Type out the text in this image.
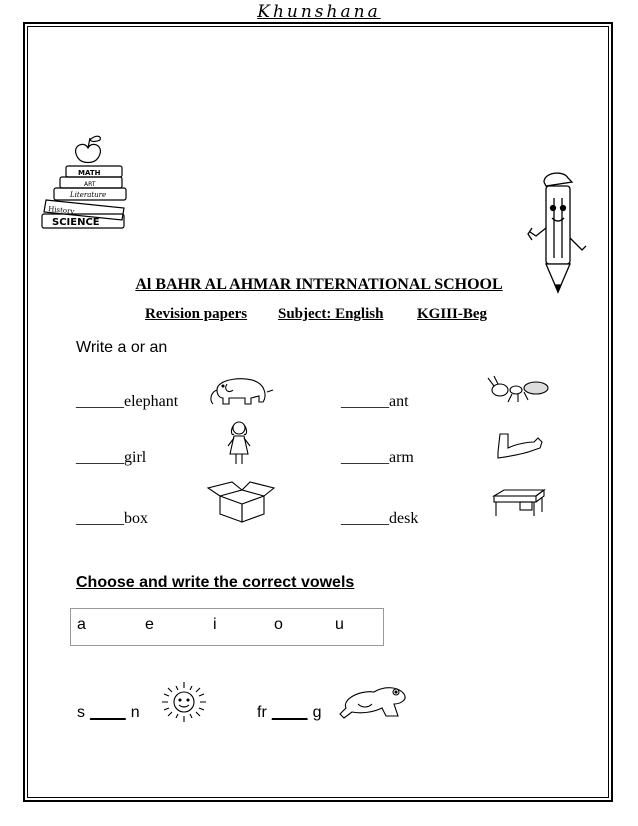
Khunshana
MATH
ART
Literature
History
SCIENCE
Al BAHR AL AHMAR INTERNATIONAL SCHOOL
Revision papers Subject: English KGIII-Beg
Write a or an
______elephant	______ant
______girl	______arm
______box	______desk
Choose and write the correct vowels
a	e	i	o	u
s ____ n	fr ____ g
